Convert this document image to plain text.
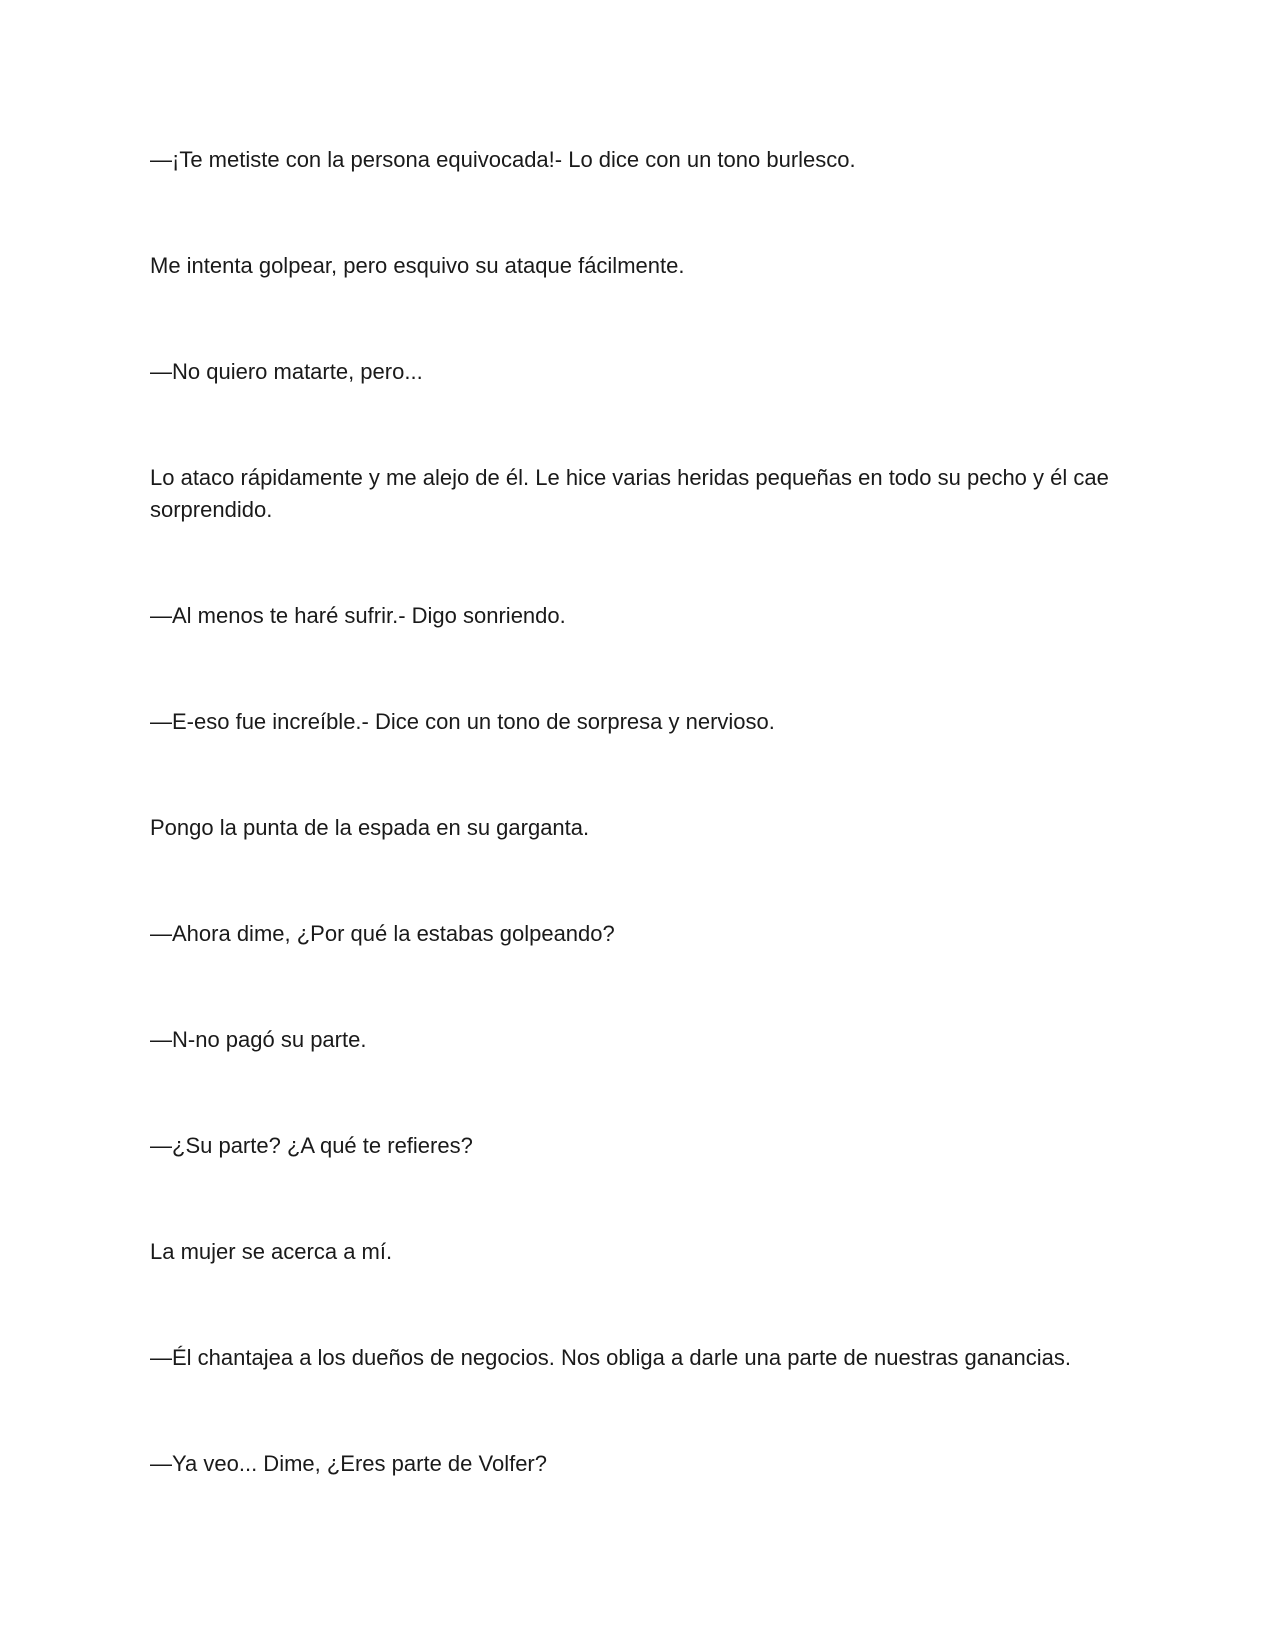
—¡Te metiste con la persona equivocada!- Lo dice con un tono burlesco.

Me intenta golpear, pero esquivo su ataque fácilmente.

—No quiero matarte, pero...

Lo ataco rápidamente y me alejo de él. Le hice varias heridas pequeñas en todo su pecho y él cae sorprendido.

—Al menos te haré sufrir.- Digo sonriendo.

—E-eso fue increíble.- Dice con un tono de sorpresa y nervioso.

Pongo la punta de la espada en su garganta.

—Ahora dime, ¿Por qué la estabas golpeando?

—N-no pagó su parte.

—¿Su parte? ¿A qué te refieres?

La mujer se acerca a mí.

—Él chantajea a los dueños de negocios. Nos obliga a darle una parte de nuestras ganancias.

—Ya veo... Dime, ¿Eres parte de Volfer?
